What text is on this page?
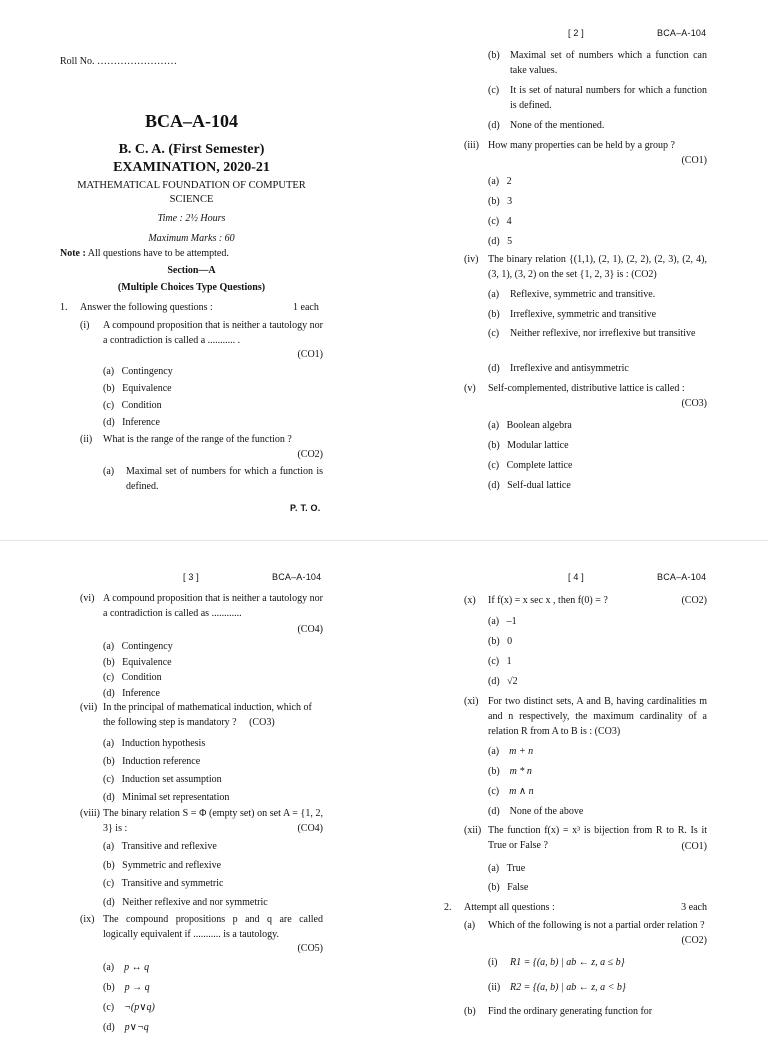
Roll No. ……………………
BCA–A-104
B. C. A. (First Semester)
EXAMINATION, 2020-21
MATHEMATICAL FOUNDATION OF COMPUTER SCIENCE
Time : 2½ Hours
Maximum Marks : 60
Note : All questions have to be attempted.
Section—A
(Multiple Choices Type Questions)
1. Answer the following questions :	1 each
(i) A compound proposition that is neither a tautology nor a contradiction is called a ........... .
(CO1)
(a) Contingency
(b) Equivalence
(c) Condition
(d) Inference
(ii) What is the range of the range of the function ?
(CO2)
(a) Maximal set of numbers for which a function is defined.
P. T. O.
[ 2 ]	BCA–A-104
(b) Maximal set of numbers which a function can take values.
(c) It is set of natural numbers for which a function is defined.
(d) None of the mentioned.
(iii) How many properties can be held by a group ?
(CO1)
(a) 2
(b) 3
(c) 4
(d) 5
(iv) The binary relation {(1,1), (2, 1), (2, 2), (2, 3), (2, 4), (3, 1), (3, 2) on the set {1, 2, 3} is : (CO2)
(a) Reflexive, symmetric and transitive.
(b) Irreflexive, symmetric and transitive
(c) Neither reflexive, nor irreflexive but transitive
(d) Irreflexive and antisymmetric
(v) Self-complemented, distributive lattice is called :
(CO3)
(a) Boolean algebra
(b) Modular lattice
(c) Complete lattice
(d) Self-dual lattice
[ 3 ]	BCA–A-104
(vi) A compound proposition that is neither a tautology nor a contradiction is called as ............
(CO4)
(a) Contingency
(b) Equivalence
(c) Condition
(d) Inference
(vii) In the principal of mathematical induction, which of the following step is mandatory ? (CO3)
(a) Induction hypothesis
(b) Induction reference
(c) Induction set assumption
(d) Minimal set representation
(viii) The binary relation S = Φ (empty set) on set A = {1, 2, 3} is :	(CO4)
(a) Transitive and reflexive
(b) Symmetric and reflexive
(c) Transitive and symmetric
(d) Neither reflexive and nor symmetric
(ix) The compound propositions p and q are called logically equivalent if ........... is a tautology.
(CO5)
(a) p ↔ q
(b) p → q
(c) ¬(p∨q)
(d) p∨¬q
[ 4 ]	BCA–A-104
(x) If f(x) = x sec x , then f(0) = ?	(CO2)
(a) –1
(b) 0
(c) 1
(d) √2
(xi) For two distinct sets, A and B, having cardinalities m and n respectively, the maximum cardinality of a relation R from A to B is : (CO3)
(a) m + n
(b) m * n
(c) m ∧ n
(d) None of the above
(xii) The function f(x) = x³ is bijection from R to R. Is it True or False ?	(CO1)
(a) True
(b) False
2. Attempt all questions :	3 each
(a) Which of the following is not a partial order relation ?
(CO2)
(i) R1 = {(a, b) | ab ← z, a ≤ b}
(ii) R2 = {(a, b) | ab ← z, a < b}
(b) Find the ordinary generating function for
